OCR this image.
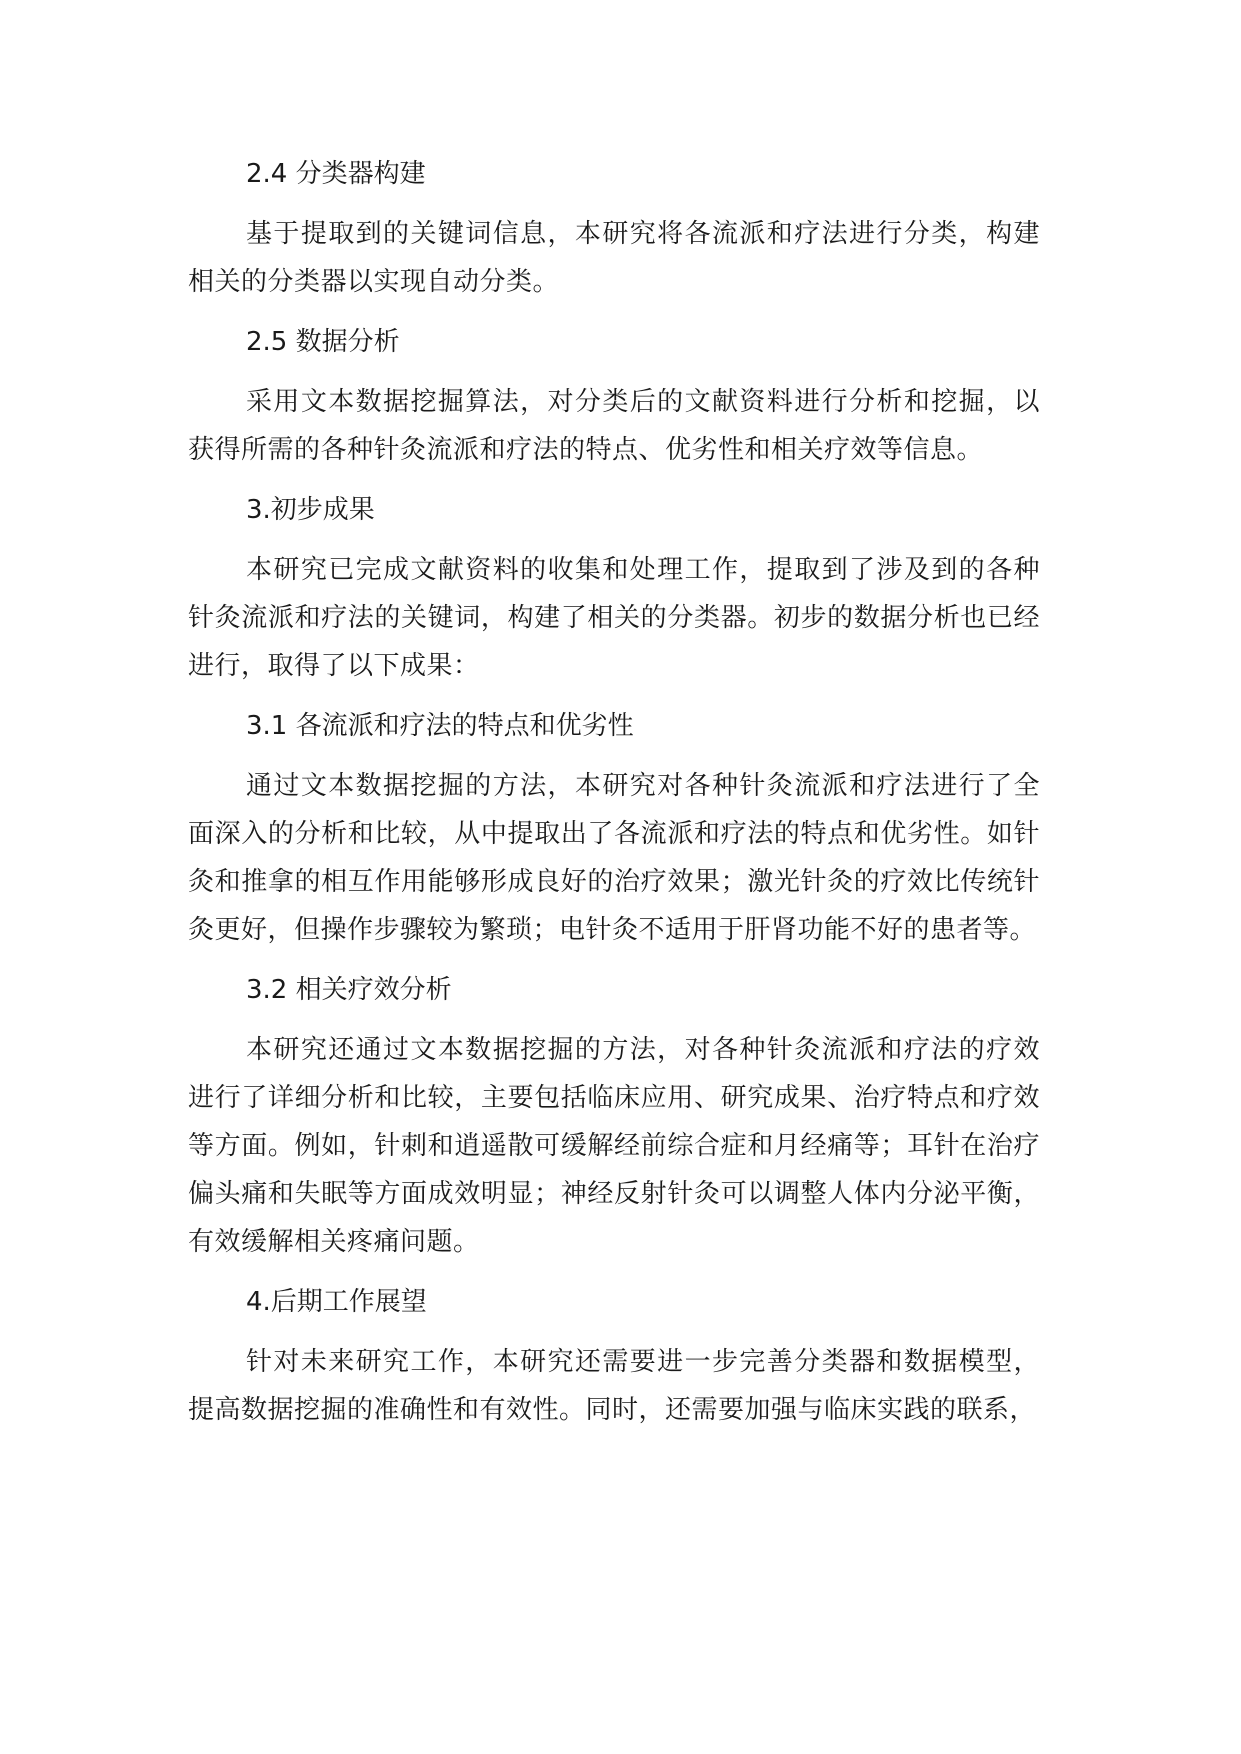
2.4 分类器构建

基于提取到的关键词信息，本研究将各流派和疗法进行分类，构建相关的分类器以实现自动分类。

2.5 数据分析

采用文本数据挖掘算法，对分类后的文献资料进行分析和挖掘，以获得所需的各种针灸流派和疗法的特点、优劣性和相关疗效等信息。

3.初步成果

本研究已完成文献资料的收集和处理工作，提取到了涉及到的各种针灸流派和疗法的关键词，构建了相关的分类器。初步的数据分析也已经进行，取得了以下成果：

3.1 各流派和疗法的特点和优劣性

通过文本数据挖掘的方法，本研究对各种针灸流派和疗法进行了全面深入的分析和比较，从中提取出了各流派和疗法的特点和优劣性。如针灸和推拿的相互作用能够形成良好的治疗效果；激光针灸的疗效比传统针灸更好，但操作步骤较为繁琐；电针灸不适用于肝肾功能不好的患者等。

3.2 相关疗效分析

本研究还通过文本数据挖掘的方法，对各种针灸流派和疗法的疗效进行了详细分析和比较，主要包括临床应用、研究成果、治疗特点和疗效等方面。例如，针刺和逍遥散可缓解经前综合症和月经痛等；耳针在治疗偏头痛和失眠等方面成效明显；神经反射针灸可以调整人体内分泌平衡，有效缓解相关疼痛问题。

4.后期工作展望

针对未来研究工作，本研究还需要进一步完善分类器和数据模型，提高数据挖掘的准确性和有效性。同时，还需要加强与临床实践的联系，
